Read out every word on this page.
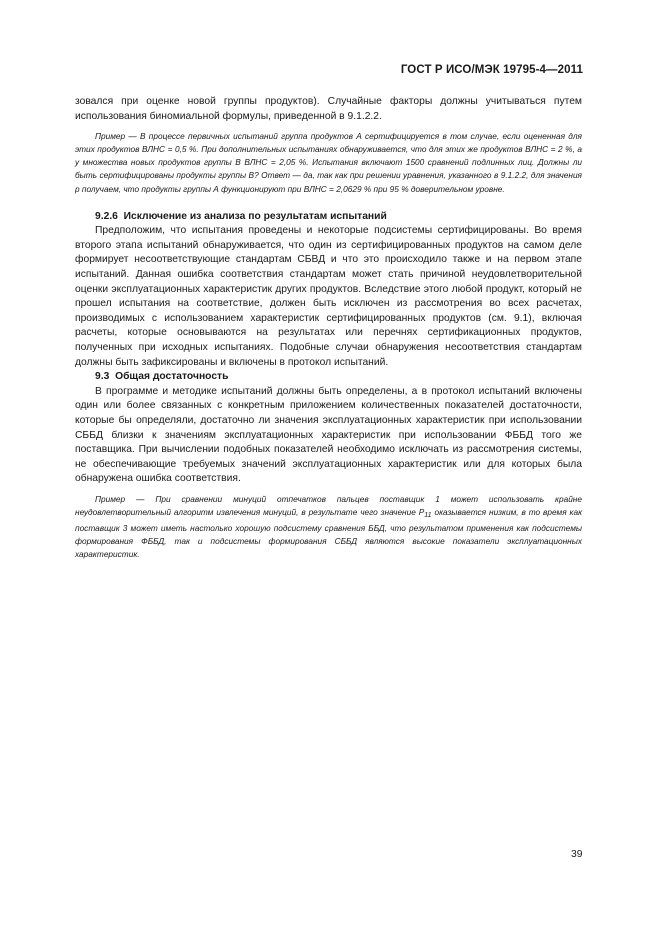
ГОСТ Р ИСО/МЭК 19795-4—2011

зовался при оценке новой группы продуктов). Случайные факторы должны учитываться путем использования биномиальной формулы, приведенной в 9.1.2.2.

Пример — В процессе первичных испытаний группа продуктов А сертифицируется в том случае, если оцененная для этих продуктов ВЛНС = 0,5 %. При дополнительных испытаниях обнаруживается, что для этих же продуктов ВЛНС = 2 %, а у множества новых продуктов группы В ВЛНС = 2,05 %. Испытания включают 1500 сравнений подлинных лиц. Должны ли быть сертифицированы продукты группы В? Ответ — да, так как при решении уравнения, указанного в 9.1.2.2, для значения р получаем, что продукты группы А функционируют при ВЛНС = 2,0629 % при 95 % доверительном уровне.

9.2.6 Исключение из анализа по результатам испытаний

Предположим, что испытания проведены и некоторые подсистемы сертифицированы. Во время второго этапа испытаний обнаруживается, что один из сертифицированных продуктов на самом деле формирует несоответствующие стандартам СБВД и что это происходило также и на первом этапе испытаний. Данная ошибка соответствия стандартам может стать причиной неудовлетворительной оценки эксплуатационных характеристик других продуктов. Вследствие этого любой продукт, который не прошел испытания на соответствие, должен быть исключен из рассмотрения во всех расчетах, производимых с использованием характеристик сертифицированных продуктов (см. 9.1), включая расчеты, которые основываются на результатах или перечнях сертификационных продуктов, полученных при исходных испытаниях. Подобные случаи обнаружения несоответствия стандартам должны быть зафиксированы и включены в протокол испытаний.

9.3 Общая достаточность

В программе и методике испытаний должны быть определены, а в протокол испытаний включены один или более связанных с конкретным приложением количественных показателей достаточности, которые бы определяли, достаточно ли значения эксплуатационных характеристик при использовании СББД близки к значениям эксплуатационных характеристик при использовании ФББД того же поставщика. При вычислении подобных показателей необходимо исключать из рассмотрения системы, не обеспечивающие требуемых значений эксплуатационных характеристик или для которых была обнаружена ошибка соответствия.

Пример — При сравнении минуций отпечатков пальцев поставщик 1 может использовать крайне неудовлетворительный алгоритм извлечения минуций, в результате чего значение $Р_{11}$ оказывается низким, в то время как поставщик 3 может иметь настолько хорошую подсистему сравнения ББД, что результатом применения как подсистемы формирования ФББД, так и подсистемы формирования СББД являются высокие показатели эксплуатационных характеристик.

39
